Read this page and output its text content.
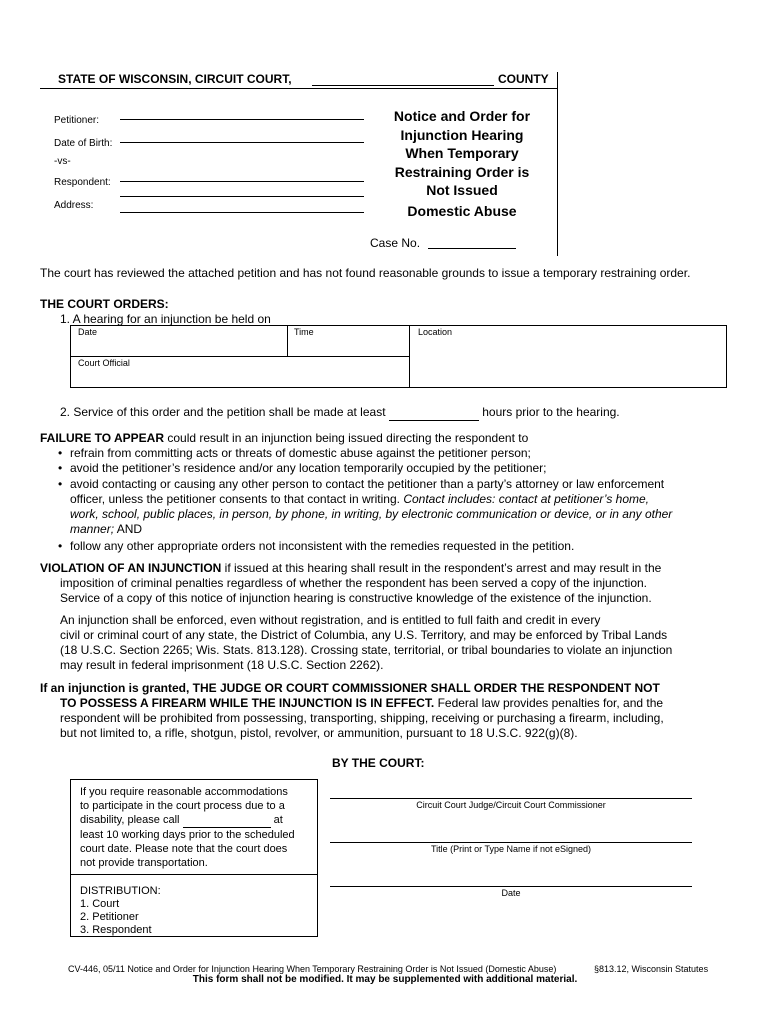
STATE OF WISCONSIN, CIRCUIT COURT,	COUNTY
Petitioner:
Date of Birth:
-vs-
Respondent:
Address:
Notice and Order for
Injunction Hearing
When Temporary
Restraining Order is
Not Issued
Domestic Abuse
Case No.
The court has reviewed the attached petition and has not found reasonable grounds to issue a temporary restraining order.
THE COURT ORDERS:
1. A hearing for an injunction be held on
Date	Time	Location
Court Official
2. Service of this order and the petition shall be made at least	hours prior to the hearing.
FAILURE TO APPEAR could result in an injunction being issued directing the respondent to
• refrain from committing acts or threats of domestic abuse against the petitioner person;
• avoid the petitioner’s residence and/or any location temporarily occupied by the petitioner;
• avoid contacting or causing any other person to contact the petitioner than a party’s attorney or law enforcement
officer, unless the petitioner consents to that contact in writing. Contact includes: contact at petitioner’s home,
work, school, public places, in person, by phone, in writing, by electronic communication or device, or in any other
manner; AND
• follow any other appropriate orders not inconsistent with the remedies requested in the petition.
VIOLATION OF AN INJUNCTION if issued at this hearing shall result in the respondent’s arrest and may result in the
imposition of criminal penalties regardless of whether the respondent has been served a copy of the injunction.
Service of a copy of this notice of injunction hearing is constructive knowledge of the existence of the injunction.
An injunction shall be enforced, even without registration, and is entitled to full faith and credit in every
civil or criminal court of any state, the District of Columbia, any U.S. Territory, and may be enforced by Tribal Lands
(18 U.S.C. Section 2265; Wis. Stats. 813.128). Crossing state, territorial, or tribal boundaries to violate an injunction
may result in federal imprisonment (18 U.S.C. Section 2262).
If an injunction is granted, THE JUDGE OR COURT COMMISSIONER SHALL ORDER THE RESPONDENT NOT
TO POSSESS A FIREARM WHILE THE INJUNCTION IS IN EFFECT. Federal law provides penalties for, and the
respondent will be prohibited from possessing, transporting, shipping, receiving or purchasing a firearm, including,
but not limited to, a rifle, shotgun, pistol, revolver, or ammunition, pursuant to 18 U.S.C. 922(g)(8).
BY THE COURT:
If you require reasonable accommodations
to participate in the court process due to a
disability, please call	at
least 10 working days prior to the scheduled
court date. Please note that the court does
not provide transportation.
DISTRIBUTION:
1. Court
2. Petitioner
3. Respondent
Circuit Court Judge/Circuit Court Commissioner
Title (Print or Type Name if not eSigned)
Date
CV-446, 05/11 Notice and Order for Injunction Hearing When Temporary Restraining Order is Not Issued (Domestic Abuse)	§813.12, Wisconsin Statutes
This form shall not be modified. It may be supplemented with additional material.
